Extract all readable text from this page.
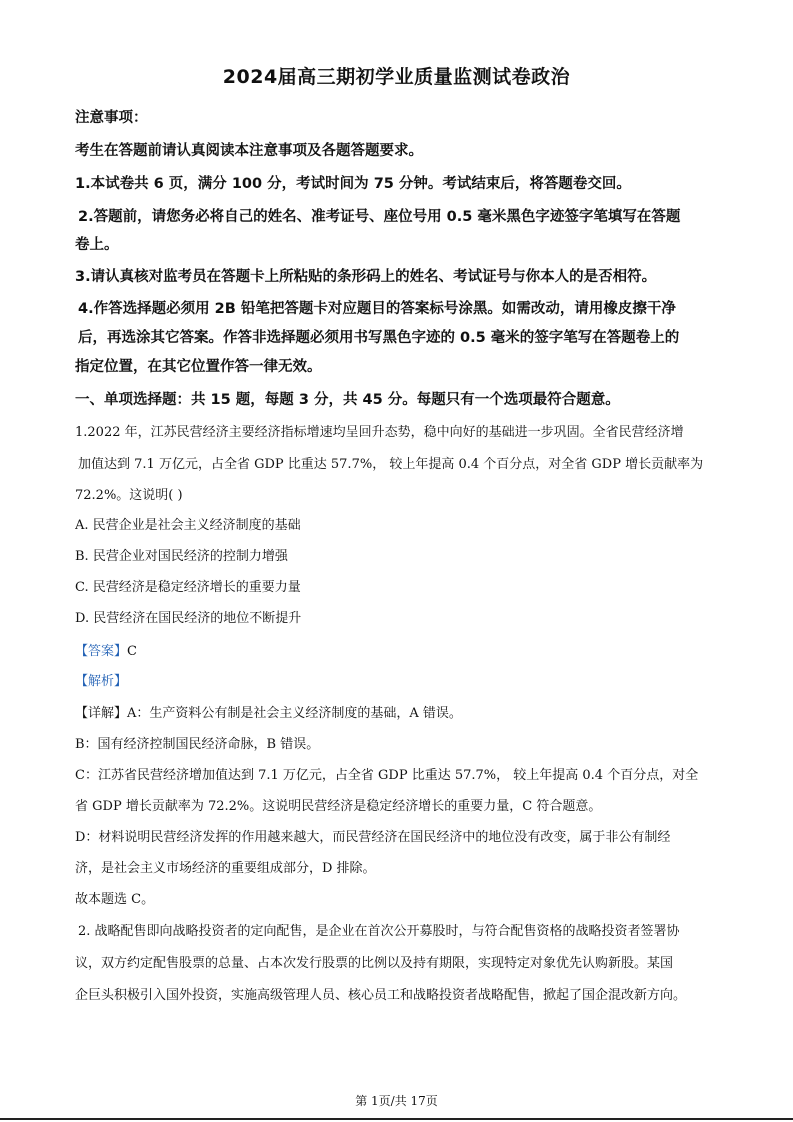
2024届高三期初学业质量监测试卷政治
注意事项：
考生在答题前请认真阅读本注意事项及各题答题要求。
1.本试卷共 6 页，满分 100 分，考试时间为 75 分钟。考试结束后，将答题卷交回。
2.答题前，请您务必将自己的姓名、准考证号、座位号用 0.5 毫米黑色字迹签字笔填写在答题
卷上。
3.请认真核对监考员在答题卡上所粘贴的条形码上的姓名、考试证号与你本人的是否相符。
4.作答选择题必须用 2B 铅笔把答题卡对应题目的答案标号涂黑。如需改动，请用橡皮擦干净
后，再选涂其它答案。作答非选择题必须用书写黑色字迹的 0.5 毫米的签字笔写在答题卷上的
指定位置，在其它位置作答一律无效。
一、单项选择题：共 15 题，每题 3 分，共 45 分。每题只有一个选项最符合题意。
1.2022 年，江苏民营经济主要经济指标增速均呈回升态势，稳中向好的基础进一步巩固。全省民营经济增
加值达到 7.1 万亿元，占全省 GDP 比重达 57.7%， 较上年提高 0.4 个百分点，对全省 GDP 增长贡献率为
72.2%。这说明( )
A. 民营企业是社会主义经济制度的基础
B. 民营企业对国民经济的控制力增强
C. 民营经济是稳定经济增长的重要力量
D. 民营经济在国民经济的地位不断提升
【答案】C
【解析】
【详解】A：生产资料公有制是社会主义经济制度的基础，A 错误。
B：国有经济控制国民经济命脉，B 错误。
C：江苏省民营经济增加值达到 7.1 万亿元，占全省 GDP 比重达 57.7%， 较上年提高 0.4 个百分点，对全
省 GDP 增长贡献率为 72.2%。这说明民营经济是稳定经济增长的重要力量，C 符合题意。
D：材料说明民营经济发挥的作用越来越大，而民营经济在国民经济中的地位没有改变，属于非公有制经
济，是社会主义市场经济的重要组成部分，D 排除。
故本题选 C。
2. 战略配售即向战略投资者的定向配售，是企业在首次公开募股时，与符合配售资格的战略投资者签署协
议，双方约定配售股票的总量、占本次发行股票的比例以及持有期限，实现特定对象优先认购新股。某国
企巨头积极引入国外投资，实施高级管理人员、核心员工和战略投资者战略配售，掀起了国企混改新方向。
第 1页/共 17页
